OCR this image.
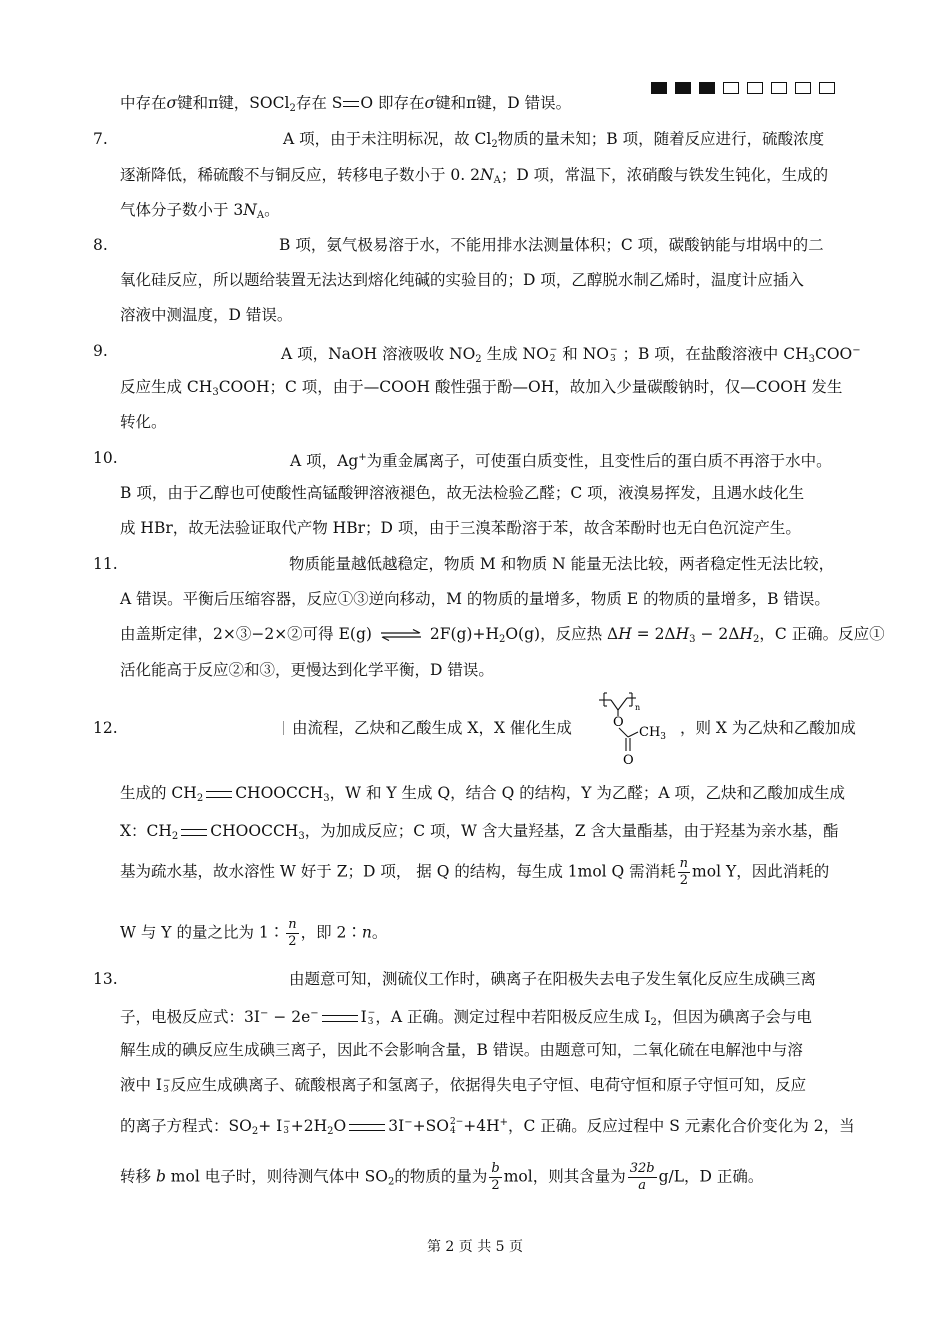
中存在σ键和π键，SOCl$_2$存在 S O 即存在σ键和π键，D 错误。
7.	A 项，由于未注明标况，故 $Cl_2$物质的量未知；B 项，随着反应进行，硫酸浓度
逐渐降低，稀硫酸不与铜反应，转移电子数小于 0. $2N_A$；D 项，常温下，浓硝酸与铁发生钝化，生成的
气体分子数小于 $3N_A$。
8.	B 项，氨气极易溶于水，不能用排水法测量体积；C 项，碳酸钠能与坩埚中的二
氧化硅反应，所以题给装置无法达到熔化纯碱的实验目的；D 项，乙醇脱水制乙烯时，温度计应插入
溶液中测温度，D 错误。
9.	A 项，NaOH 溶液吸收 $NO_2$ 生成 NO −
2 和 NO −
3 ；B 项，在盐酸溶液中 $CH_3COO^-$
反应生成 $CH_3COOH$；C 项，由于—COOH 酸性强于酚—OH，故加入少量碳酸钠时，仅—COOH 发生
转化。
10.	A 项，Ag+为重金属离子，可使蛋白质变性，且变性后的蛋白质不再溶于水中。
B 项，由于乙醇也可使酸性高锰酸钾溶液褪色，故无法检验乙醛；C 项，液溴易挥发，且遇水歧化生
成 HBr，故无法验证取代产物 HBr；D 项，由于三溴苯酚溶于苯，故含苯酚时也无白色沉淀产生。
11.	物质能量越低越稳定，物质 M 和物质 N 能量无法比较，两者稳定性无法比较，
A 错误。平衡后压缩容器，反应①③逆向移动，M 的物质的量增多，物质 E 的物质的量增多，B 错误。
由盖斯定律，2×③−2×②可得 E(g) ⇌ $2F(g)+H_2O(g)$，反应热 $\Delta H = 2\Delta H_3 - 2\Delta H_2$，C 正确。反应①
活化能高于反应②和③，更慢达到化学平衡，D 错误。
12.	由流程，乙炔和乙酸生成 X，X 催化生成
n
O
O
$CH_3$ ，则 X 为乙炔和乙酸加成
生成的 $CH_2$ $CHOOCCH_3$，W 和 Y 生成 Q，结合 Q 的结构，Y 为乙醛；A 项，乙炔和乙酸加成生成
X：$CH_2$ $CHOOCCH_3$，为加成反应；C 项，W 含大量羟基，Z 含大量酯基，由于羟基为亲水基，酯
基为疏水基，故水溶性 W 好于 Z；D 项， 据 Q 的结构，每生成 1mol Q 需消耗 $\frac{n}{2}$ mol Y，因此消耗的
W 与 Y 的量之比为 1∶ $\frac{n}{2}$ ，即 2∶n。
13.	由题意可知，测硫仪工作时，碘离子在阳极失去电子发生氧化反应生成碘三离
子，电极反应式：3I− − 2e−	I −
3 ，A 正确。测定过程中若阳极反应生成 $I_2$，但因为碘离子会与电
解生成的碘反应生成碘三离子，因此不会影响含量，B 错误。由题意可知，二氧化硫在电解池中与溶
液中 I −
3 反应生成碘离子、硫酸根离子和氢离子，依据得失电子守恒、电荷守恒和原子守恒可知，反应
的离子方程式：$SO_2+ I$ −
$3 +2H_2O$	3I−+SO 2−
4 +4H+，C 正确。反应过程中 S 元素化合价变化为 2，当
转移 b mol 电子时，则待测气体中 $SO_2$的物质的量为 $\frac{b}{2}$ mol，则其含量为 $\frac{32b}{a} g/L$，D 正确。
第 2 页 共 5 页
